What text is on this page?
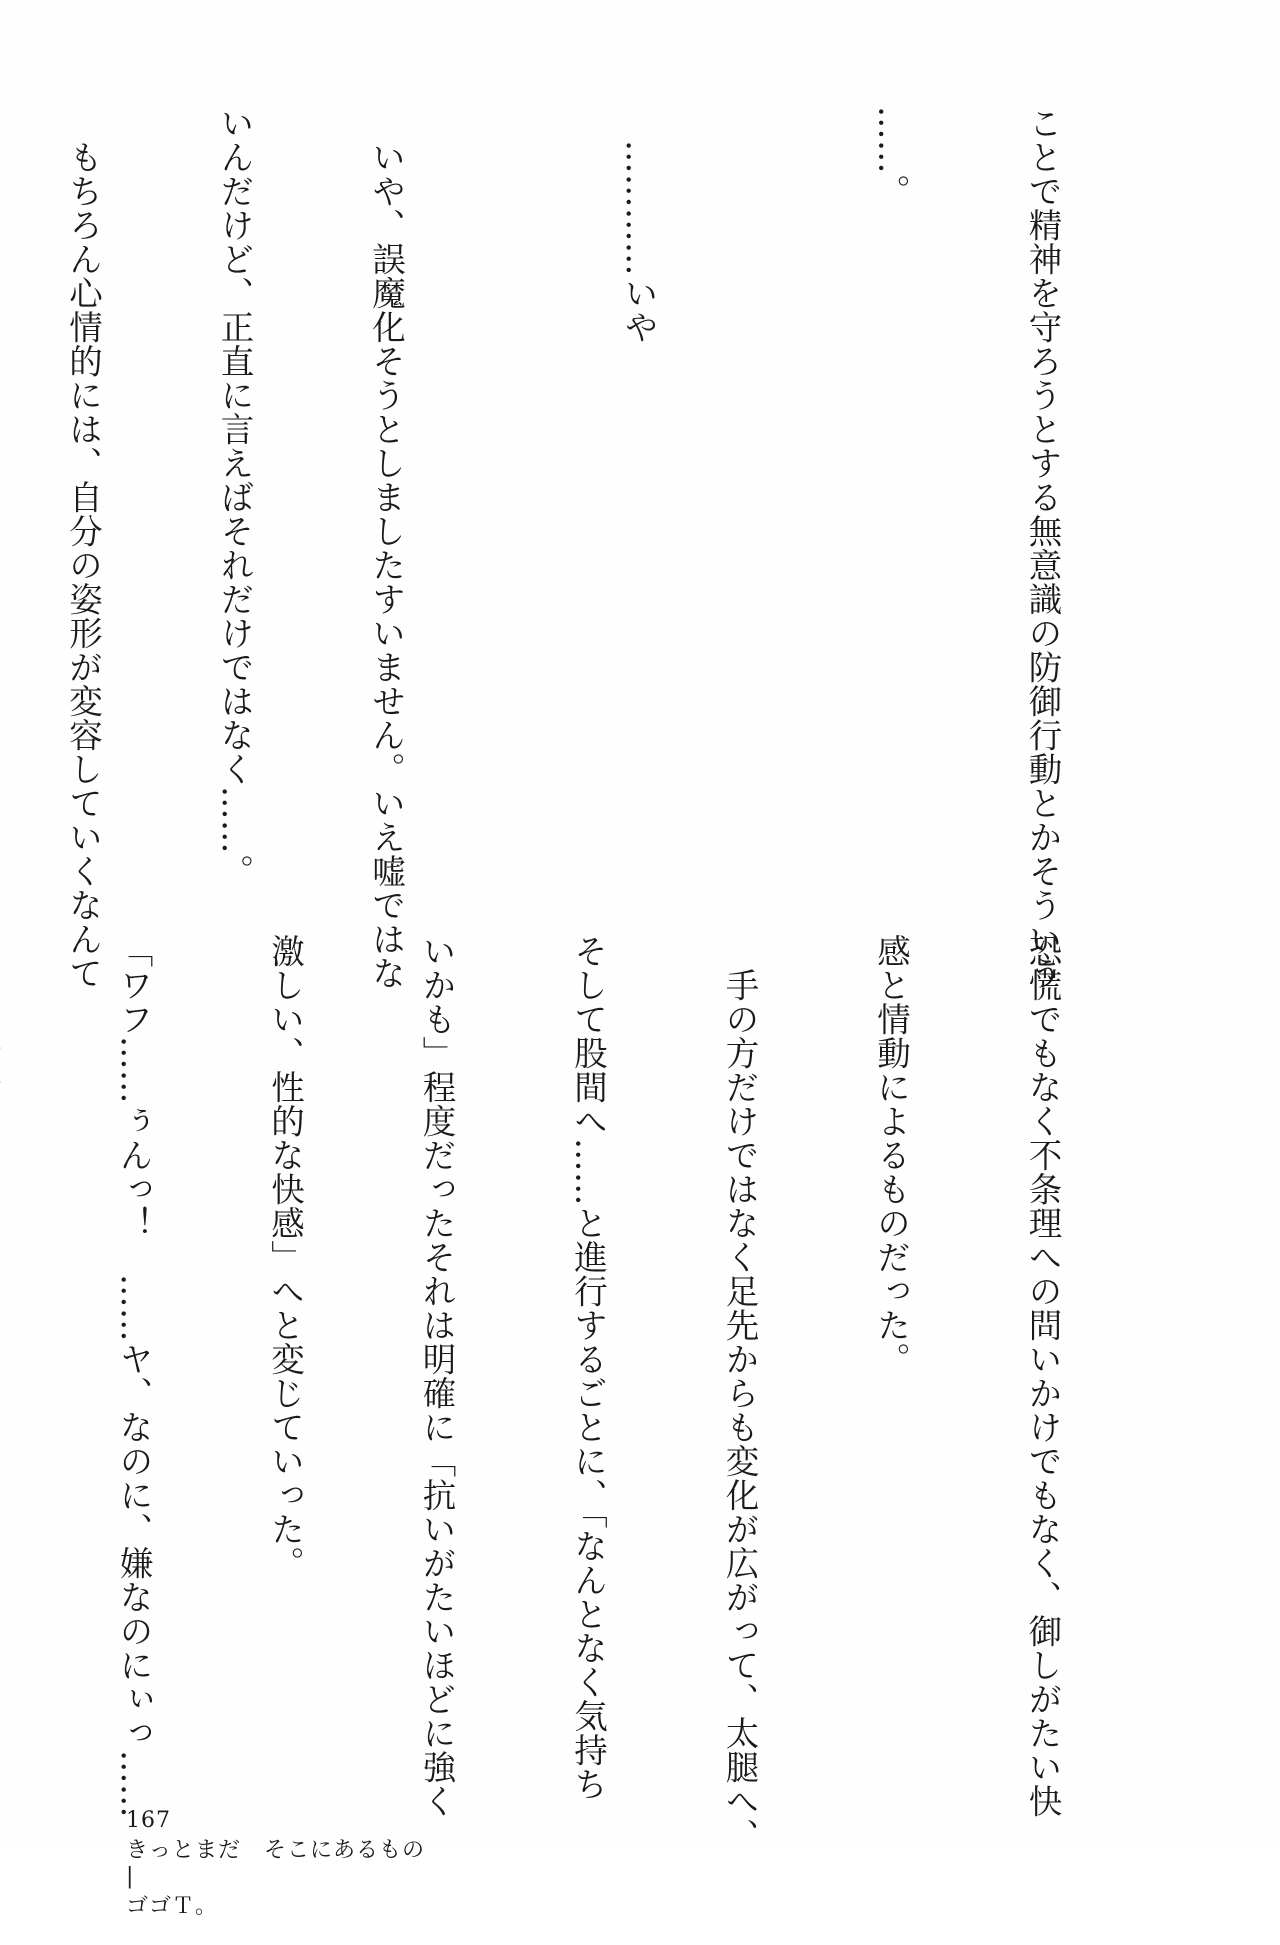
ことで精神を守ろうとする無意識の防御行動とかそういう

……。

　…………いや

　いや、誤魔化そうとしましたすいません。いえ嘘ではな

いんだけど、正直に言えばそれだけではなく……。

　もちろん心情的には、自分の姿形が変容していくなんて

恐慌でもなく不条理への問いかけでもなく、御しがたい快

感と情動によるものだった。

　手の方だけではなく足先からも変化が広がって、太腿へ、

そして股間へ……と進行するごとに、「なんとなく気持ち

いかも」程度だったそれは明確に「抗いがたいほどに強く

激しい、性的な快感」へと変じていった。

「ワフ……ぅんっ！　……ヤ、なのに、嫌なのにぃっ……

167
きっとまだ　そこにあるもの
|
ゴゴＴ。
